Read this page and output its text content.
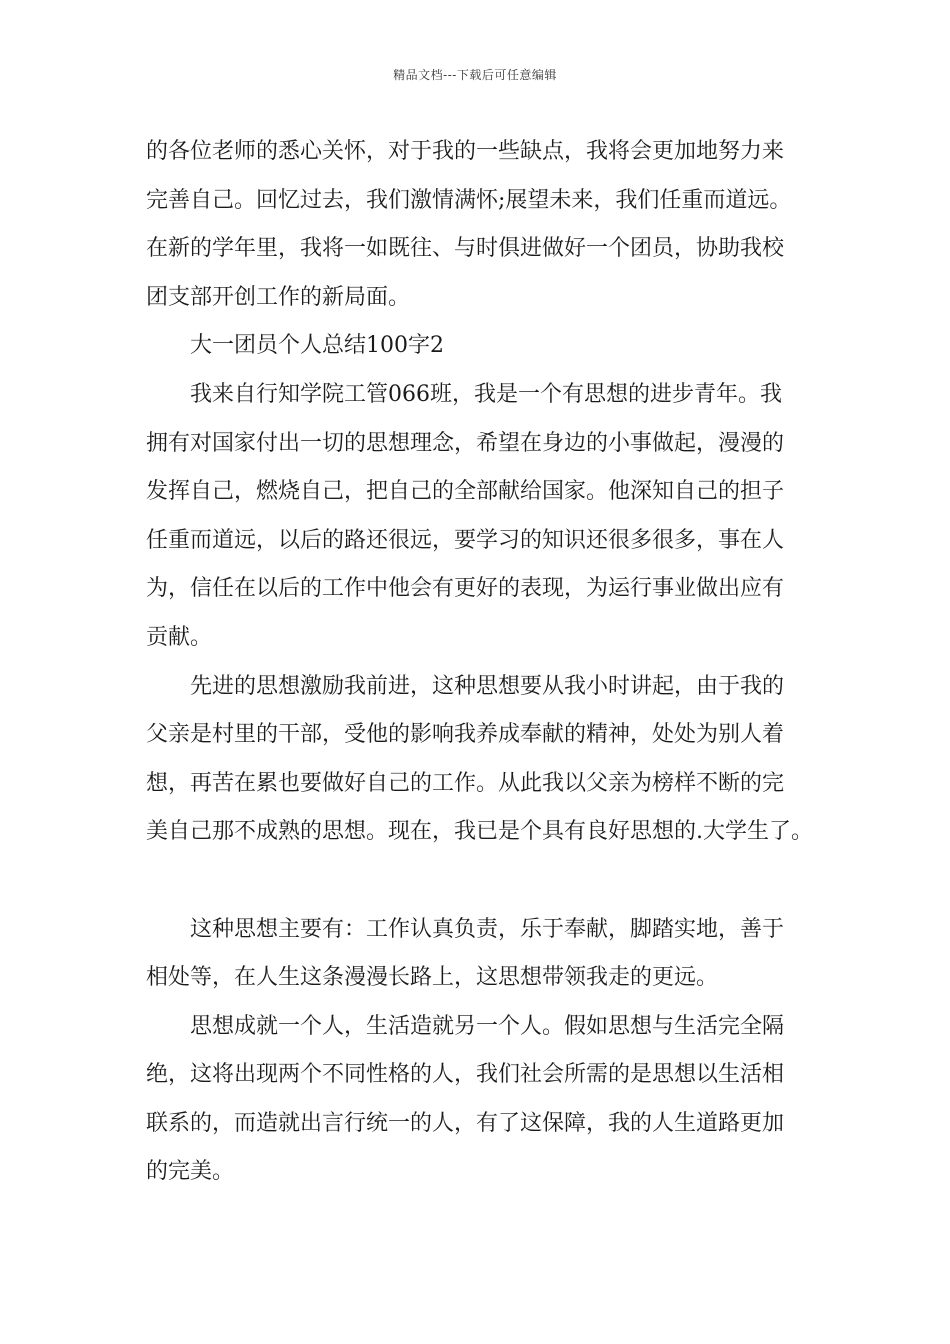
精品文档---下载后可任意编辑
的各位老师的悉心关怀，对于我的一些缺点，我将会更加地努力来
完善自己。回忆过去，我们激情满怀;展望未来，我们任重而道远。
在新的学年里，我将一如既往、与时俱进做好一个团员，协助我校
团支部开创工作的新局面。
大一团员个人总结100字2
我来自行知学院工管066班，我是一个有思想的进步青年。我
拥有对国家付出一切的思想理念，希望在身边的小事做起，漫漫的
发挥自己，燃烧自己，把自己的全部献给国家。他深知自己的担子
任重而道远，以后的路还很远，要学习的知识还很多很多，事在人
为，信任在以后的工作中他会有更好的表现，为运行事业做出应有
贡献。
先进的思想激励我前进，这种思想要从我小时讲起，由于我的
父亲是村里的干部，受他的影响我养成奉献的精神，处处为别人着
想，再苦在累也要做好自己的工作。从此我以父亲为榜样不断的完
美自己那不成熟的思想。现在，我已是个具有良好思想的.大学生了。
这种思想主要有：工作认真负责，乐于奉献，脚踏实地，善于
相处等，在人生这条漫漫长路上，这思想带领我走的更远。
思想成就一个人，生活造就另一个人。假如思想与生活完全隔
绝，这将出现两个不同性格的人，我们社会所需的是思想以生活相
联系的，而造就出言行统一的人，有了这保障，我的人生道路更加
的完美。
